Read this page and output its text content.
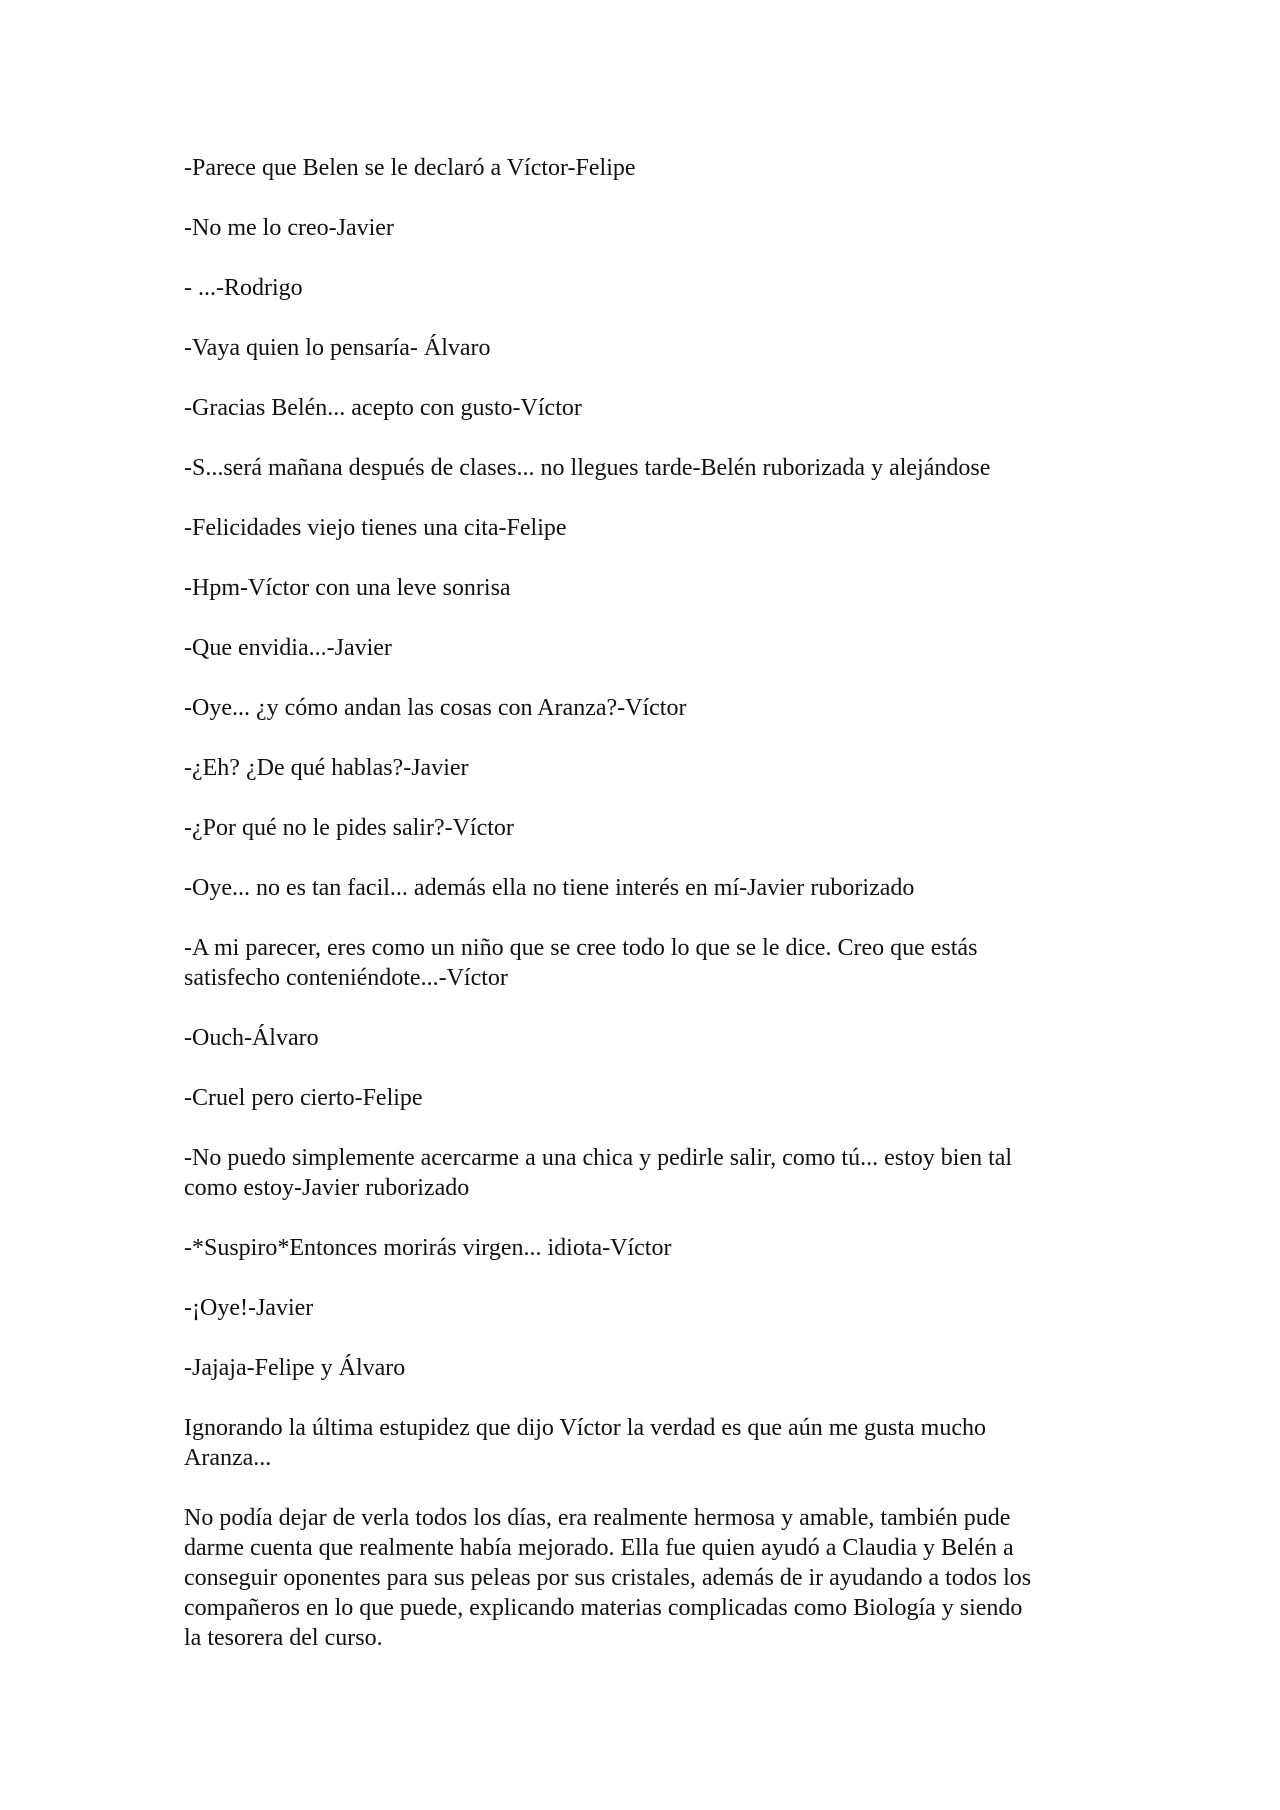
-Parece que Belen se le declaró a Víctor-Felipe

-No me lo creo-Javier

- ...-Rodrigo

-Vaya quien lo pensaría- Álvaro

-Gracias Belén... acepto con gusto-Víctor

-S...será mañana después de clases... no llegues tarde-Belén ruborizada y alejándose

-Felicidades viejo tienes una cita-Felipe

-Hpm-Víctor con una leve sonrisa

-Que envidia...-Javier

-Oye... ¿y cómo andan las cosas con Aranza?-Víctor

-¿Eh? ¿De qué hablas?-Javier

-¿Por qué no le pides salir?-Víctor

-Oye... no es tan facil... además ella no tiene interés en mí-Javier ruborizado

-A mi parecer, eres como un niño que se cree todo lo que se le dice. Creo que estás
satisfecho conteniéndote...-Víctor

-Ouch-Álvaro

-Cruel pero cierto-Felipe

-No puedo simplemente acercarme a una chica y pedirle salir, como tú... estoy bien tal
como estoy-Javier ruborizado

-*Suspiro*Entonces morirás virgen... idiota-Víctor

-¡Oye!-Javier

-Jajaja-Felipe y Álvaro

Ignorando la última estupidez que dijo Víctor la verdad es que aún me gusta mucho
Aranza...

No podía dejar de verla todos los días, era realmente hermosa y amable, también pude
darme cuenta que realmente había mejorado. Ella fue quien ayudó a Claudia y Belén a
conseguir oponentes para sus peleas por sus cristales, además de ir ayudando a todos los
compañeros en lo que puede, explicando materias complicadas como Biología y siendo
la tesorera del curso.
